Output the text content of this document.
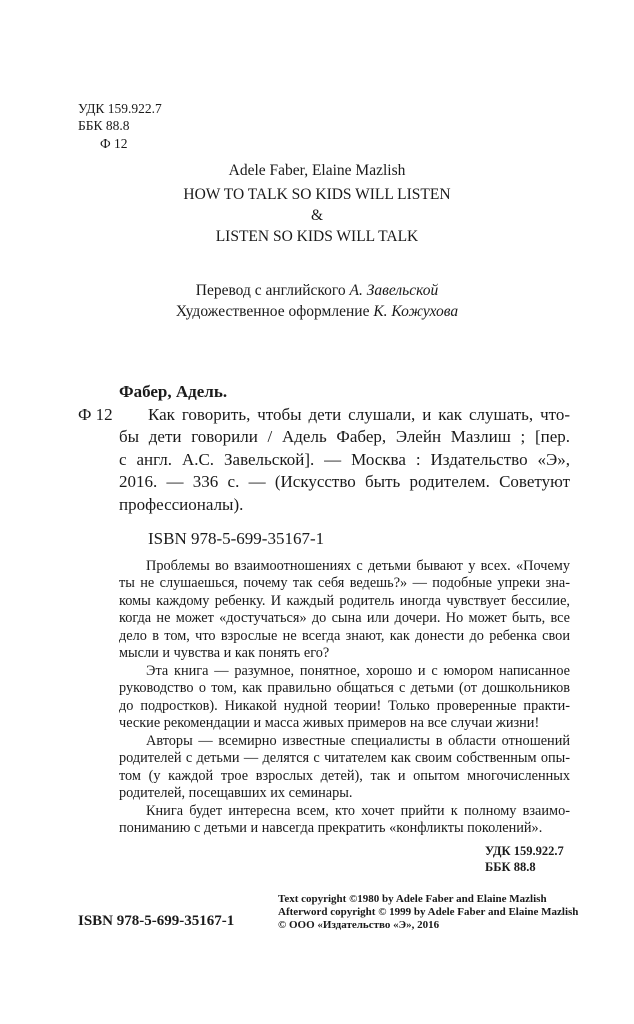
УДК 159.922.7
ББК 88.8
Ф 12
Adele Faber, Elaine Mazlish
HOW TO TALK SO KIDS WILL LISTEN
&
LISTEN SO KIDS WILL TALK
Перевод с английского А. Завельской
Художественное оформление К. Кожухова
Фабер, Адель.
Ф 12 Как говорить, чтобы дети слушали, и как слушать, что-
бы дети говорили / Адель Фабер, Элейн Мазлиш ; [пер.
с англ. А.С. Завельской]. — Москва : Издательство «Э»,
2016. — 336 с. — (Искусство быть родителем. Советуют
профессионалы).
ISBN 978-5-699-35167-1
Проблемы во взаимоотношениях с детьми бывают у всех. «Почему
ты не слушаешься, почему так себя ведешь?» — подобные упреки зна-
комы каждому ребенку. И каждый родитель иногда чувствует бессилие,
когда не может «достучаться» до сына или дочери. Но может быть, все
дело в том, что взрослые не всегда знают, как донести до ребенка свои
мысли и чувства и как понять его?
Эта книга — разумное, понятное, хорошо и с юмором написанное
руководство о том, как правильно общаться с детьми (от дошкольников
до подростков). Никакой нудной теории! Только проверенные практи-
ческие рекомендации и масса живых примеров на все случаи жизни!
Авторы — всемирно известные специалисты в области отношений
родителей с детьми — делятся с читателем как своим собственным опы-
том (у каждой трое взрослых детей), так и опытом многочисленных
родителей, посещавших их семинары.
Книга будет интересна всем, кто хочет прийти к полному взаимо-
пониманию с детьми и навсегда прекратить «конфликты поколений».
УДК 159.922.7
ББК 88.8
ISBN 978-5-699-35167-1
Text copyright ©1980 by Adele Faber and Elaine Mazlish
Afterword copyright © 1999 by Adele Faber and Elaine Mazlish
© ООО «Издательство «Э», 2016
